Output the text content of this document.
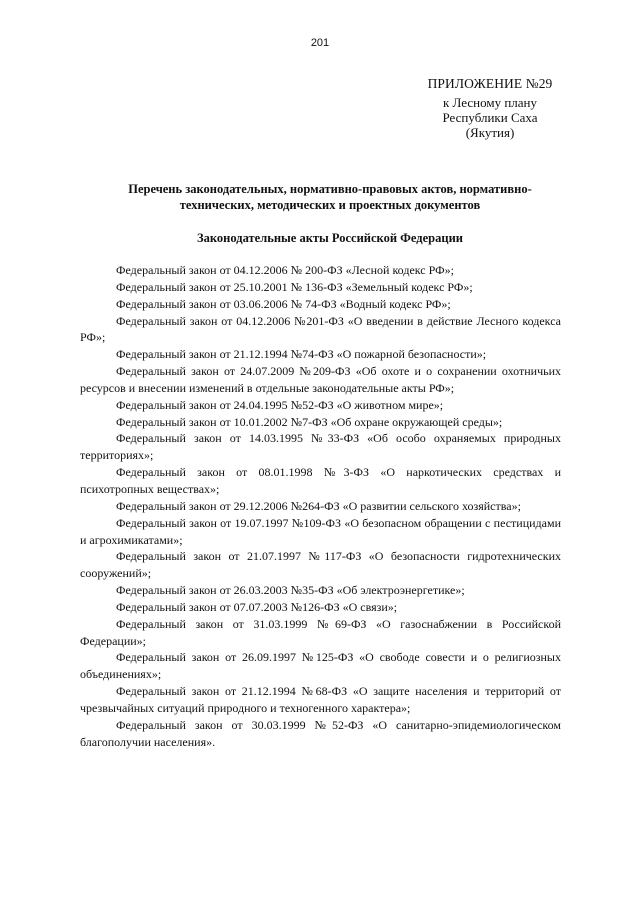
201
ПРИЛОЖЕНИЕ №29
к Лесному плану
Республики Саха
(Якутия)
Перечень законодательных, нормативно-правовых актов, нормативно-
технических, методических и проектных документов
Законодательные акты Российской Федерации
Федеральный закон от 04.12.2006 № 200-ФЗ «Лесной кодекс РФ»;
Федеральный закон от 25.10.2001 № 136-ФЗ «Земельный кодекс РФ»;
Федеральный закон от 03.06.2006 № 74-ФЗ «Водный кодекс РФ»;
Федеральный закон от 04.12.2006 №201-ФЗ «О введении в действие Лесного кодекса РФ»;
Федеральный закон от 21.12.1994 №74-ФЗ «О пожарной безопасности»;
Федеральный закон от 24.07.2009 №209-ФЗ «Об охоте и о сохранении охотничьих ресурсов и внесении изменений в отдельные законодательные акты РФ»;
Федеральный закон от 24.04.1995 №52-ФЗ «О животном мире»;
Федеральный закон от 10.01.2002 №7-ФЗ «Об охране окружающей среды»;
Федеральный закон от 14.03.1995 №33-ФЗ «Об особо охраняемых природных территориях»;
Федеральный закон от 08.01.1998 №3-ФЗ «О наркотических средствах и психотропных веществах»;
Федеральный закон от 29.12.2006 №264-ФЗ «О развитии сельского хозяйства»;
Федеральный закон от 19.07.1997 №109-ФЗ «О безопасном обращении с пестицидами и агрохимикатами»;
Федеральный закон от 21.07.1997 №117-ФЗ «О безопасности гидротехнических сооружений»;
Федеральный закон от 26.03.2003 №35-ФЗ «Об электроэнергетике»;
Федеральный закон от 07.07.2003 №126-ФЗ «О связи»;
Федеральный закон от 31.03.1999 №69-ФЗ «О газоснабжении в Российской Федерации»;
Федеральный закон от 26.09.1997 №125-ФЗ «О свободе совести и о религиозных объединениях»;
Федеральный закон от 21.12.1994 №68-ФЗ «О защите населения и территорий от чрезвычайных ситуаций природного и техногенного характера»;
Федеральный закон от 30.03.1999 №52-ФЗ «О санитарно-эпидемиологическом благополучии населения».
